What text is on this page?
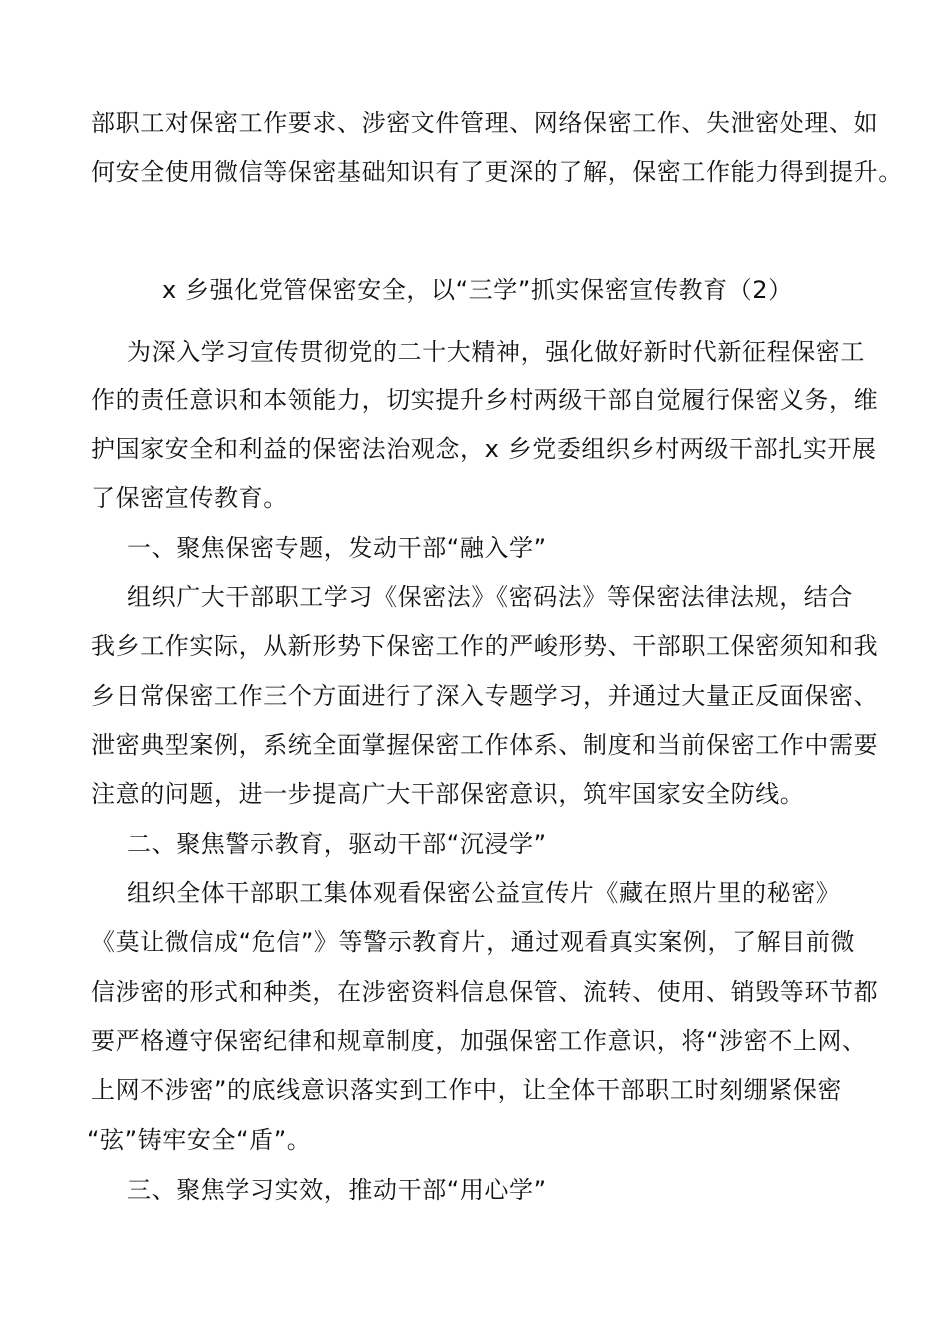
部职工对保密工作要求、涉密文件管理、网络保密工作、失泄密处理、如
何安全使用微信等保密基础知识有了更深的了解，保密工作能力得到提升。
x 乡强化党管保密安全，以“三学”抓实保密宣传教育（2）
为深入学习宣传贯彻党的二十大精神，强化做好新时代新征程保密工
作的责任意识和本领能力，切实提升乡村两级干部自觉履行保密义务，维
护国家安全和利益的保密法治观念，x 乡党委组织乡村两级干部扎实开展
了保密宣传教育。
一、聚焦保密专题，发动干部“融入学”
组织广大干部职工学习《保密法》《密码法》等保密法律法规，结合
我乡工作实际，从新形势下保密工作的严峻形势、干部职工保密须知和我
乡日常保密工作三个方面进行了深入专题学习，并通过大量正反面保密、
泄密典型案例，系统全面掌握保密工作体系、制度和当前保密工作中需要
注意的问题，进一步提高广大干部保密意识，筑牢国家安全防线。
二、聚焦警示教育，驱动干部“沉浸学”
组织全体干部职工集体观看保密公益宣传片《藏在照片里的秘密》
《莫让微信成“危信”》等警示教育片，通过观看真实案例，了解目前微
信涉密的形式和种类，在涉密资料信息保管、流转、使用、销毁等环节都
要严格遵守保密纪律和规章制度，加强保密工作意识，将“涉密不上网、
上网不涉密”的底线意识落实到工作中，让全体干部职工时刻绷紧保密
“弦”铸牢安全“盾”。
三、聚焦学习实效，推动干部“用心学”
